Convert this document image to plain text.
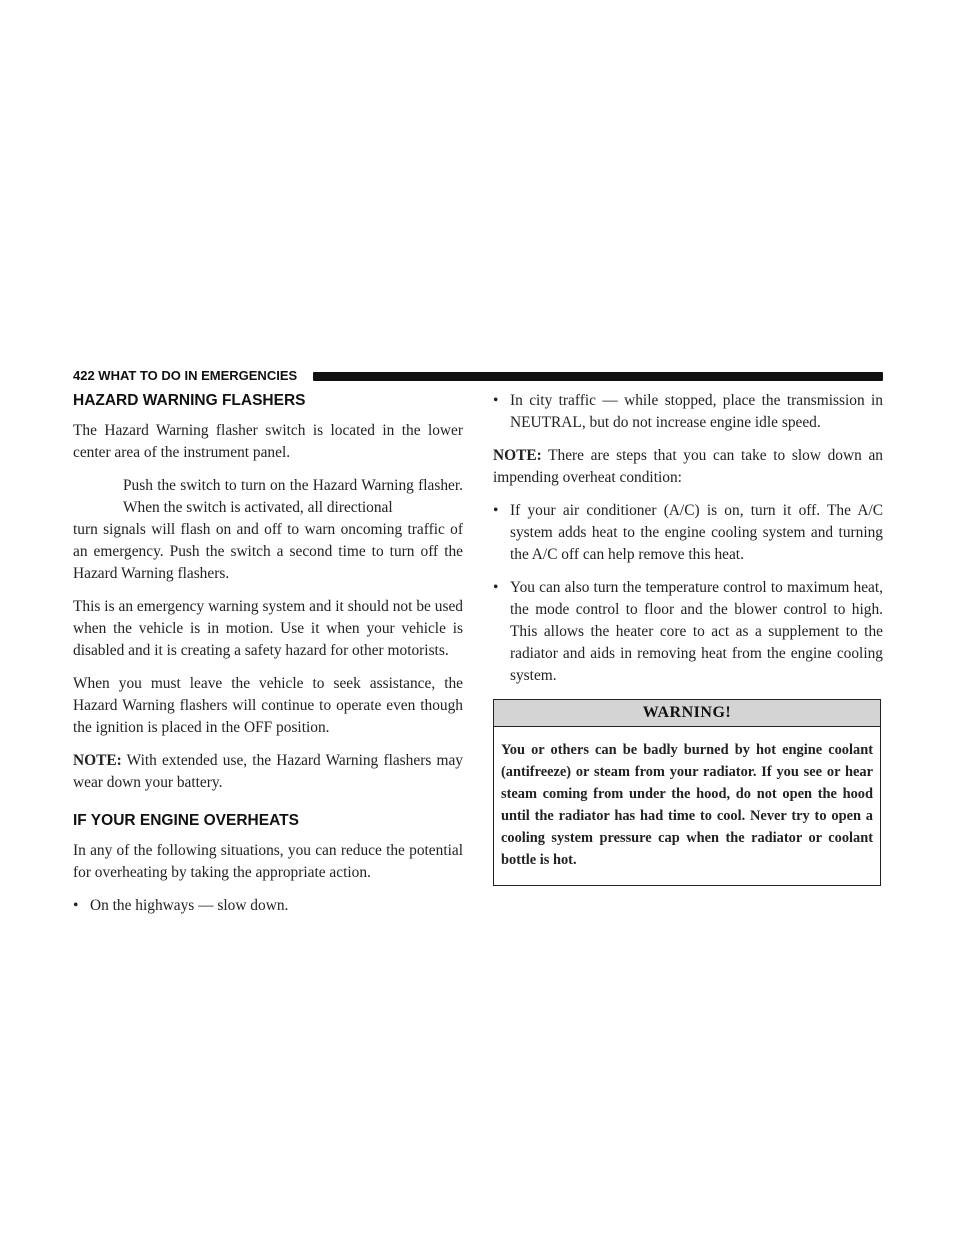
422 WHAT TO DO IN EMERGENCIES
HAZARD WARNING FLASHERS

The Hazard Warning flasher switch is located in the lower center area of the instrument panel.

Push the switch to turn on the Hazard Warning flasher. When the switch is activated, all directional

turn signals will flash on and off to warn oncoming traffic of an emergency. Push the switch a second time to turn off the Hazard Warning flashers.

This is an emergency warning system and it should not be used when the vehicle is in motion. Use it when your vehicle is disabled and it is creating a safety hazard for other motorists.

When you must leave the vehicle to seek assistance, the Hazard Warning flashers will continue to operate even though the ignition is placed in the OFF position.

NOTE: With extended use, the Hazard Warning flashers may wear down your battery.

IF YOUR ENGINE OVERHEATS

In any of the following situations, you can reduce the potential for overheating by taking the appropriate action.

• On the highways — slow down.
• In city traffic — while stopped, place the transmission in NEUTRAL, but do not increase engine idle speed.

NOTE: There are steps that you can take to slow down an impending overheat condition:

• If your air conditioner (A/C) is on, turn it off. The A/C system adds heat to the engine cooling system and turning the A/C off can help remove this heat.
• You can also turn the temperature control to maximum heat, the mode control to floor and the blower control to high. This allows the heater core to act as a supplement to the radiator and aids in removing heat from the engine cooling system.
WARNING!
You or others can be badly burned by hot engine coolant (antifreeze) or steam from your radiator. If you see or hear steam coming from under the hood, do not open the hood until the radiator has had time to cool. Never try to open a cooling system pressure cap when the radiator or coolant bottle is hot.
